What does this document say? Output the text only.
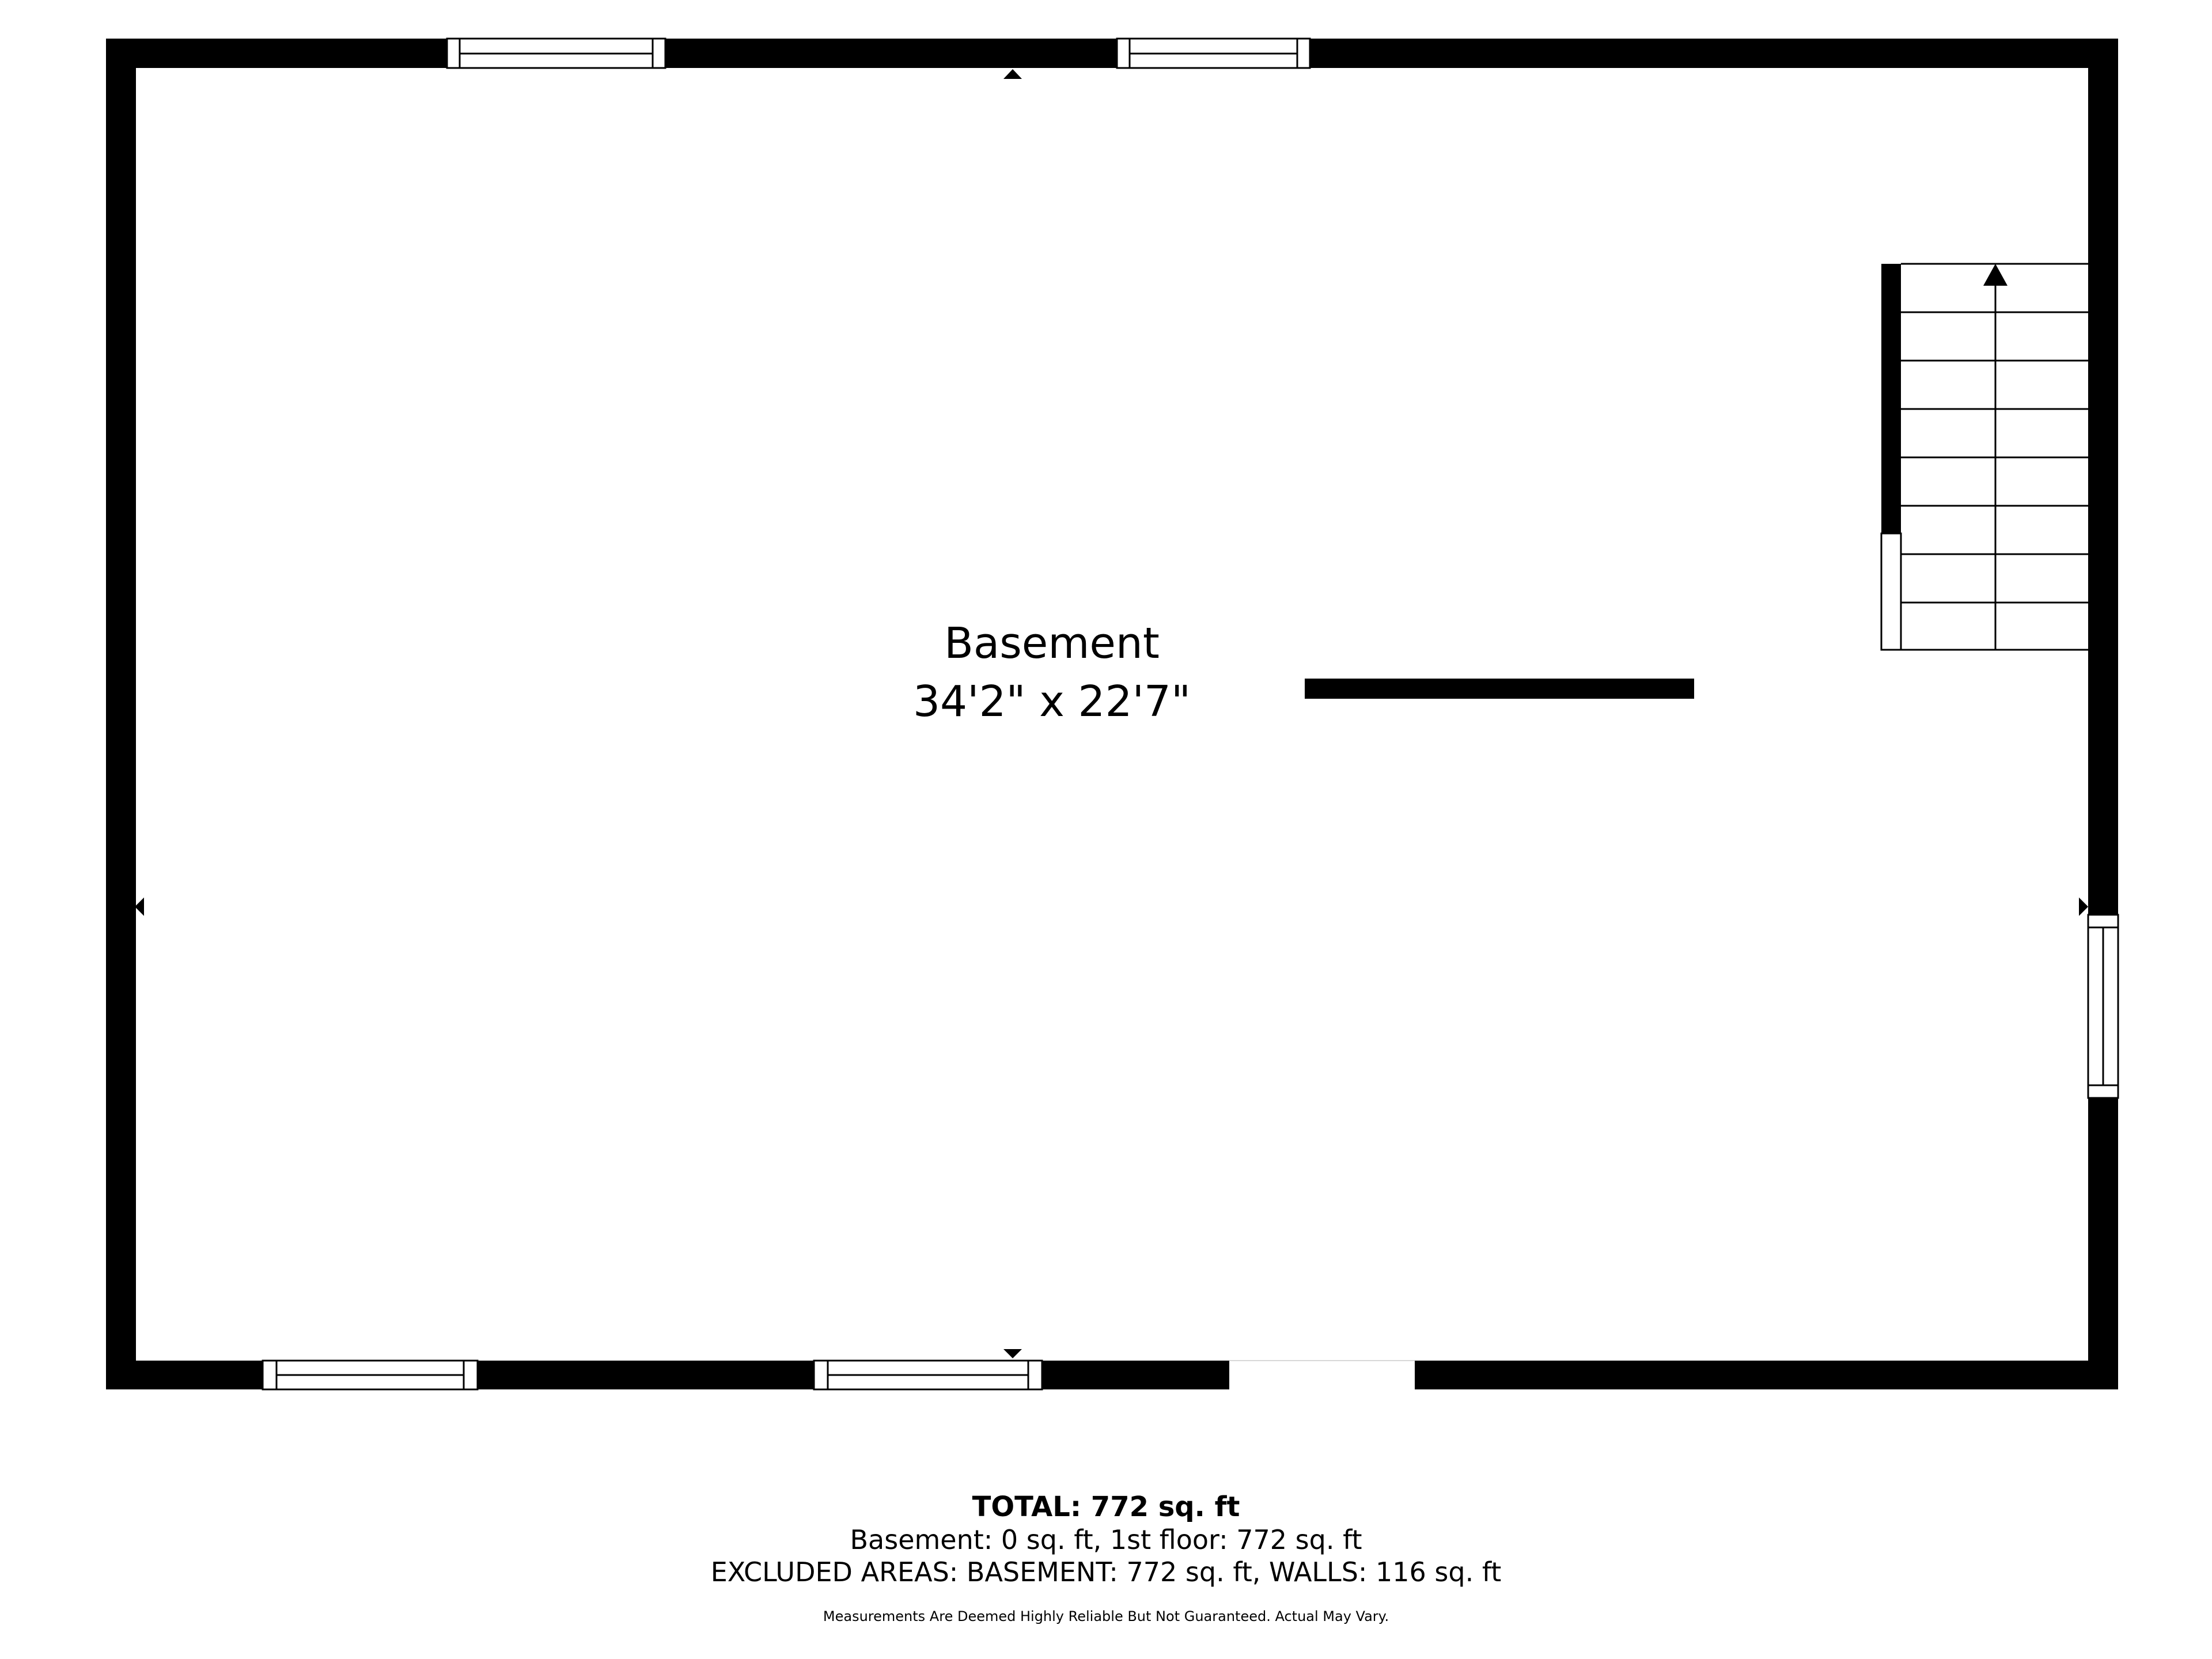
Basement
34'2" x 22'7"
TOTAL: 772 sq. ft
Basement: 0 sq. ft, 1st floor: 772 sq. ft
EXCLUDED AREAS: BASEMENT: 772 sq. ft, WALLS: 116 sq. ft
Measurements Are Deemed Highly Reliable But Not Guaranteed. Actual May Vary.
